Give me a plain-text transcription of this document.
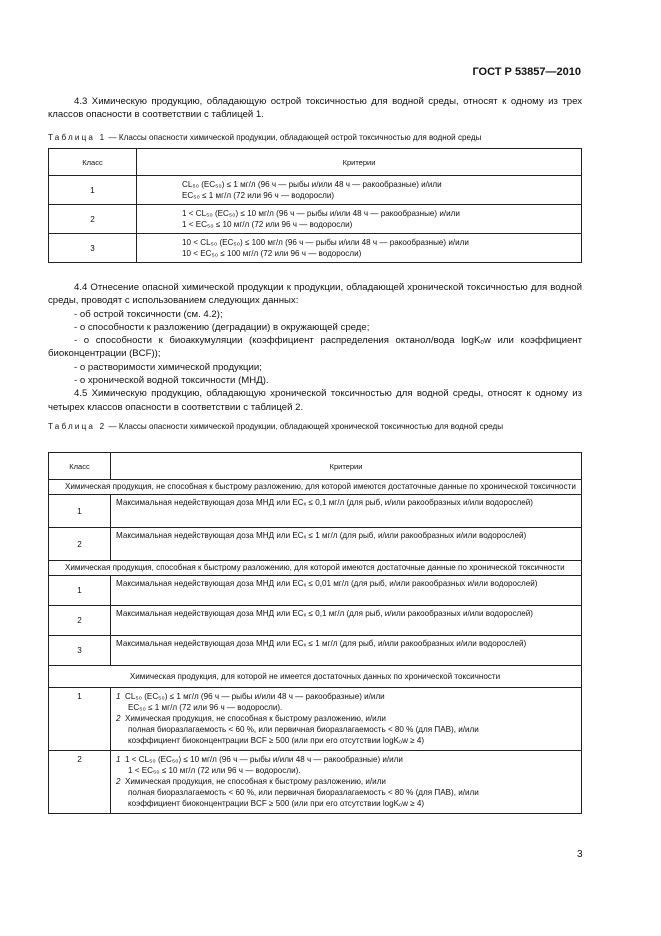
ГОСТ Р 53857—2010
4.3 Химическую продукцию, обладающую острой токсичностью для водной среды, относят к одному из трех классов опасности в соответствии с таблицей 1.
Таблица 1 — Классы опасности химической продукции, обладающей острой токсичностью для водной среды
Класс	Критерии
1	CL₅₀ (ЕС₅₀) ≤ 1 мг/л (96 ч — рыбы и/или 48 ч — ракообразные) и/или
ЕС₅₀ ≤ 1 мг/л (72 или 96 ч — водоросли)

2	1 < CL₅₀ (ЕС₅₀) ≤ 10 мг/л (96 ч — рыбы и/или 48 ч — ракообразные) и/или
1 < ЕС₅₀ ≤ 10 мг/л (72 или 96 ч — водоросли)

3	10 < CL₅₀ (ЕС₅₀) ≤ 100 мг/л (96 ч — рыбы и/или 48 ч — ракообразные) и/или
10 < ЕС₅₀ ≤ 100 мг/л (72 или 96 ч — водоросли)
4.4 Отнесение опасной химической продукции к продукции, обладающей хронической токсичностью для водной среды, проводят с использованием следующих данных:
- об острой токсичности (см. 4.2);
- о способности к разложению (деградации) в окружающей среде;
- о способности к биоаккумуляции (коэффициент распределения октанол/вода logKₒw или коэффициент биоконцентрации (BCF));
- о растворимости химической продукции;
- о хронической водной токсичности (МНД).
4.5 Химическую продукцию, обладающую хронической токсичностью для водной среды, относят к одному из четырех классов опасности в соответствии с таблицей 2.
Таблица 2 — Классы опасности химической продукции, обладающей хронической токсичностью для водной среды
Класс	Критерии
Химическая продукция, не способная к быстрому разложению, для которой имеются достаточные данные по хронической токсичности	
1	Максимальная недействующая доза МНД или ECₓ ≤ 0,1 мг/л (для рыб, и/или ракообразных и/или водорослей)
2	Максимальная недействующая доза МНД или ECₓ ≤ 1 мг/л (для рыб, и/или ракообразных и/или водорослей)
Химическая продукция, способная к быстрому разложению, для которой имеются достаточные данные по хронической токсичности	
1	Максимальная недействующая доза МНД или ECₓ ≤ 0,01 мг/л (для рыб, и/или ракообразных и/или водорослей)
2	Максимальная недействующая доза МНД или ECₓ ≤ 0,1 мг/л (для рыб, и/или ракообразных и/или водорослей)
3	Максимальная недействующая доза МНД или ECₓ ≤ 1 мг/л (для рыб, и/или ракообразных и/или водорослей)
Химическая продукция, для которой не имеется достаточных данных по хронической токсичности	
1	1 CL₅₀ (ЕС₅₀) ≤ 1 мг/л (96 ч — рыбы и/или 48 ч — ракообразные) и/или
ЕС₅₀ ≤ 1 мг/л (72 или 96 ч — водоросли).
2 Химическая продукция, не способная к быстрому разложению, и/или
полная биоразлагаемость < 60 %, или первичная биоразлагаемость < 80 % (для ПАВ), и/или
коэффициент биоконцентрации BCF ≥ 500 (или при его отсутствии logKₒw ≥ 4)

2	1 1 < CL₅₀ (ЕС₅₀) ≤ 10 мг/л (96 ч — рыбы и/или 48 ч — ракообразные) и/или
1 < ЕС₅₀ ≤ 10 мг/л (72 или 96 ч — водоросли).
2 Химическая продукция, не способная к быстрому разложению, и/или
полная биоразлагаемость < 60 %, или первичная биоразлагаемость < 80 % (для ПАВ), и/или
коэффициент биоконцентрации BCF ≥ 500 (или при его отсутствии logKₒw ≥ 4)
3
